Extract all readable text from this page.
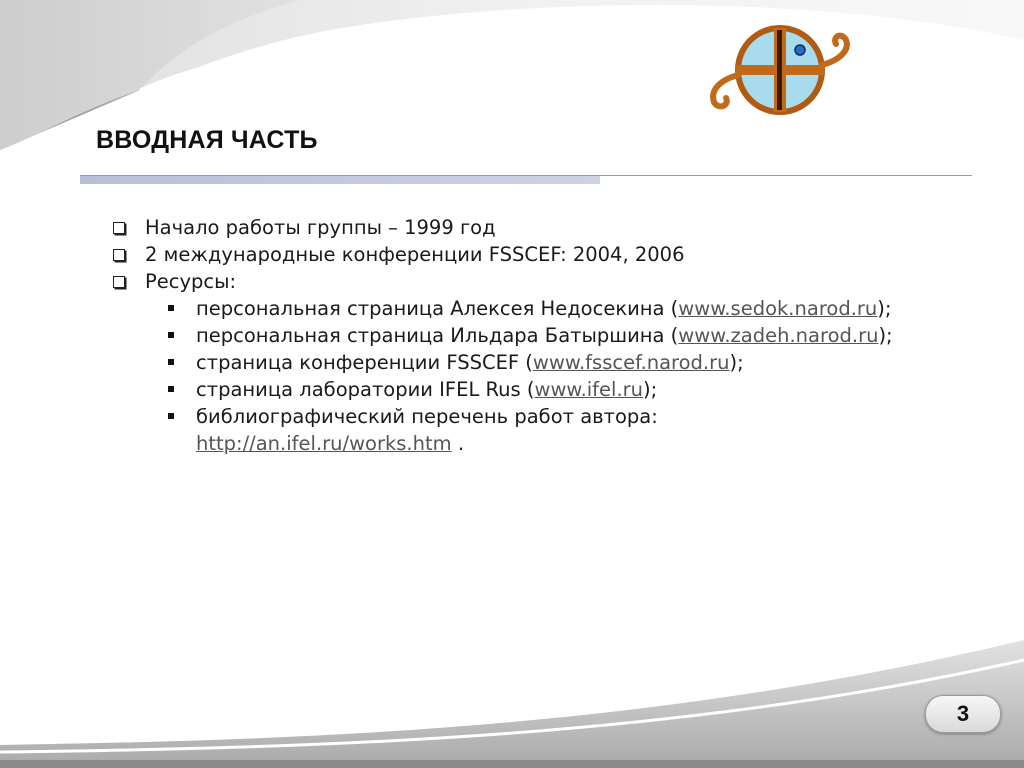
ВВОДНАЯ ЧАСТЬ
Начало работы группы – 1999 год
2 международные конференции FSSCEF: 2004, 2006
Ресурсы:
персональная страница Алексея Недосекина (www.sedok.narod.ru);
персональная страница Ильдара Батыршина (www.zadeh.narod.ru);
страница конференции FSSCEF (www.fsscef.narod.ru);
страница лаборатории IFEL Rus (www.ifel.ru);
библиографический перечень работ автора:
http://an.ifel.ru/works.htm .
3
